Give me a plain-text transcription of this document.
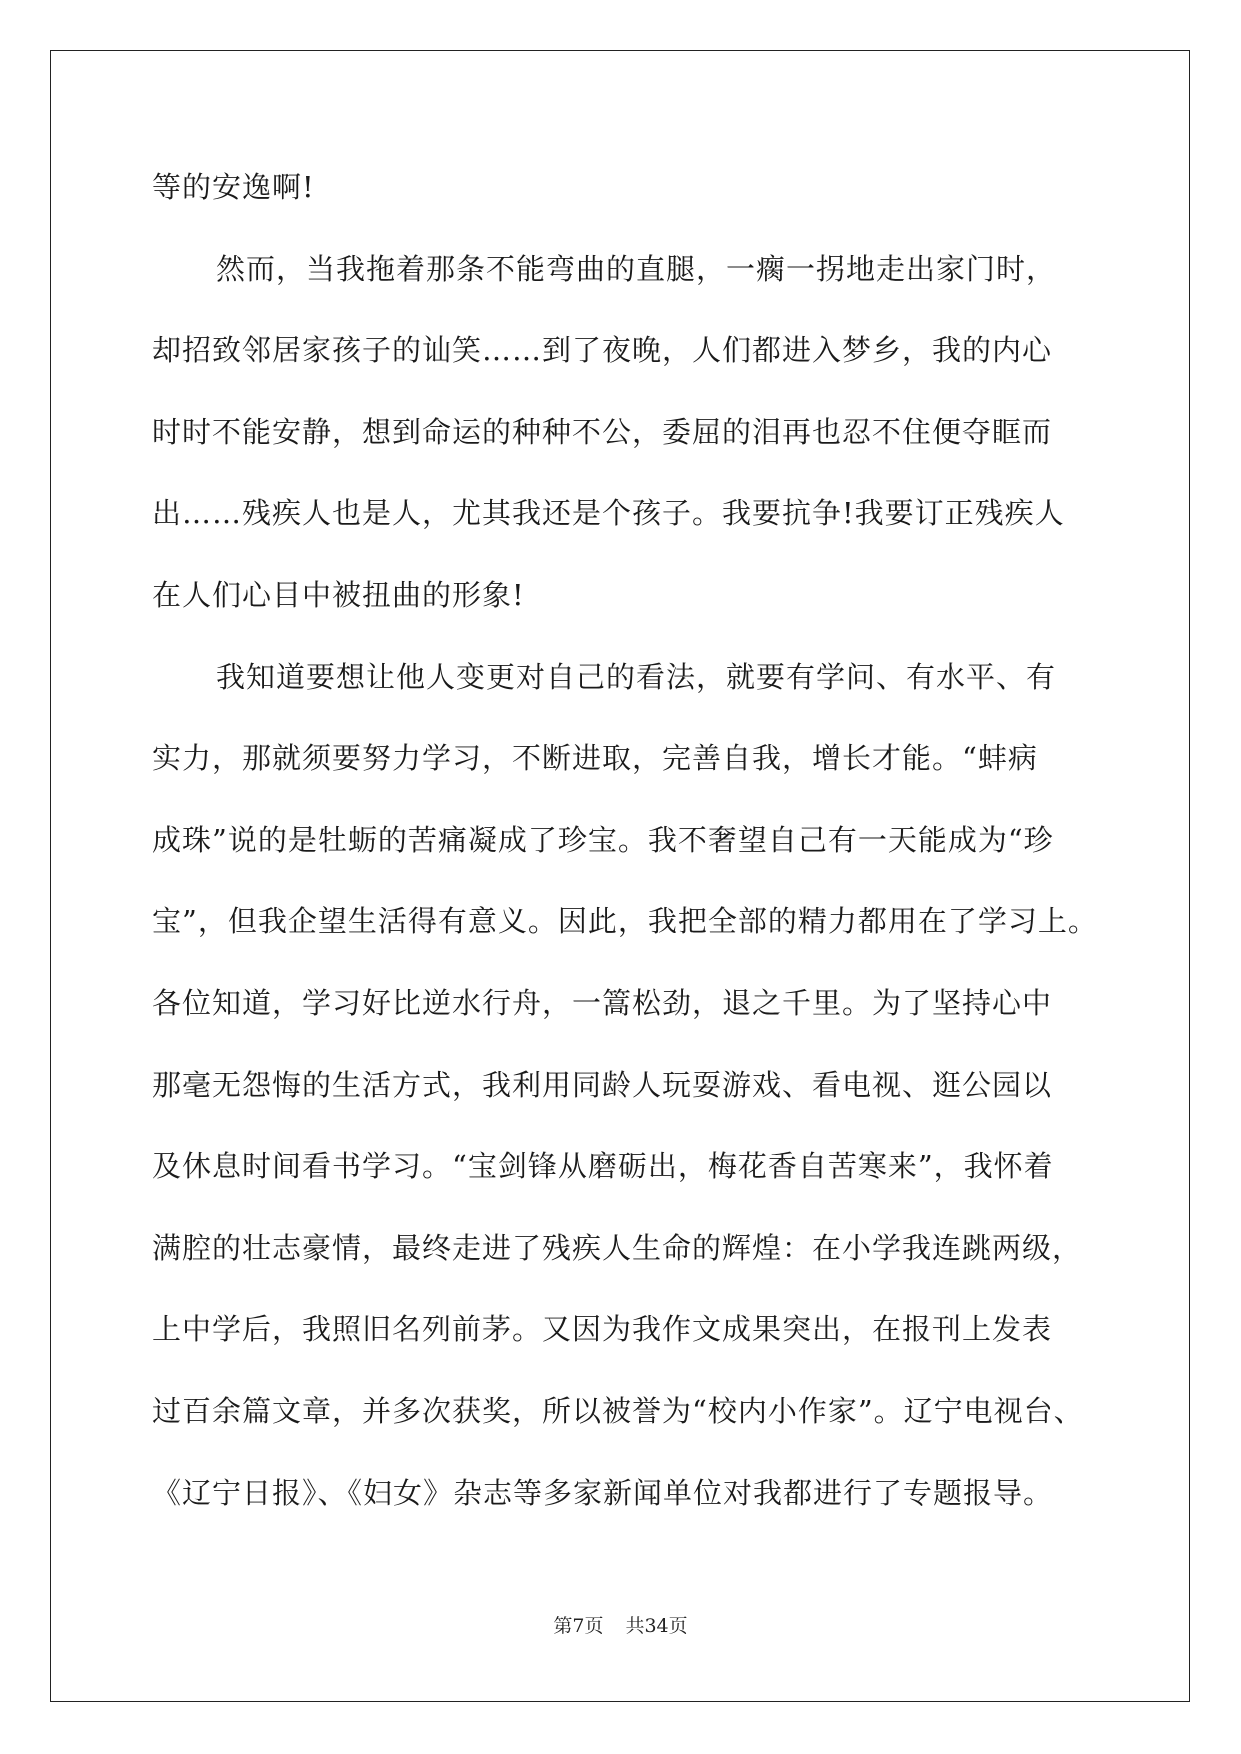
等的安逸啊!
然而，当我拖着那条不能弯曲的直腿，一瘸一拐地走出家门时，
却招致邻居家孩子的讪笑……到了夜晚，人们都进入梦乡，我的内心
时时不能安静，想到命运的种种不公，委屈的泪再也忍不住便夺眶而
出……残疾人也是人，尤其我还是个孩子。我要抗争!我要订正残疾人
在人们心目中被扭曲的形象!
我知道要想让他人变更对自己的看法，就要有学问、有水平、有
实力，那就须要努力学习，不断进取，完善自我，增长才能。“蚌病
成珠”说的是牡蛎的苦痛凝成了珍宝。我不奢望自己有一天能成为“珍
宝”，但我企望生活得有意义。因此，我把全部的精力都用在了学习上。
各位知道，学习好比逆水行舟，一篙松劲，退之千里。为了坚持心中
那毫无怨悔的生活方式，我利用同龄人玩耍游戏、看电视、逛公园以
及休息时间看书学习。“宝剑锋从磨砺出，梅花香自苦寒来”，我怀着
满腔的壮志豪情，最终走进了残疾人生命的辉煌：在小学我连跳两级，
上中学后，我照旧名列前茅。又因为我作文成果突出，在报刊上发表
过百余篇文章，并多次获奖，所以被誉为“校内小作家”。辽宁电视台、
《辽宁日报》、《妇女》杂志等多家新闻单位对我都进行了专题报导。
第7页 共34页
